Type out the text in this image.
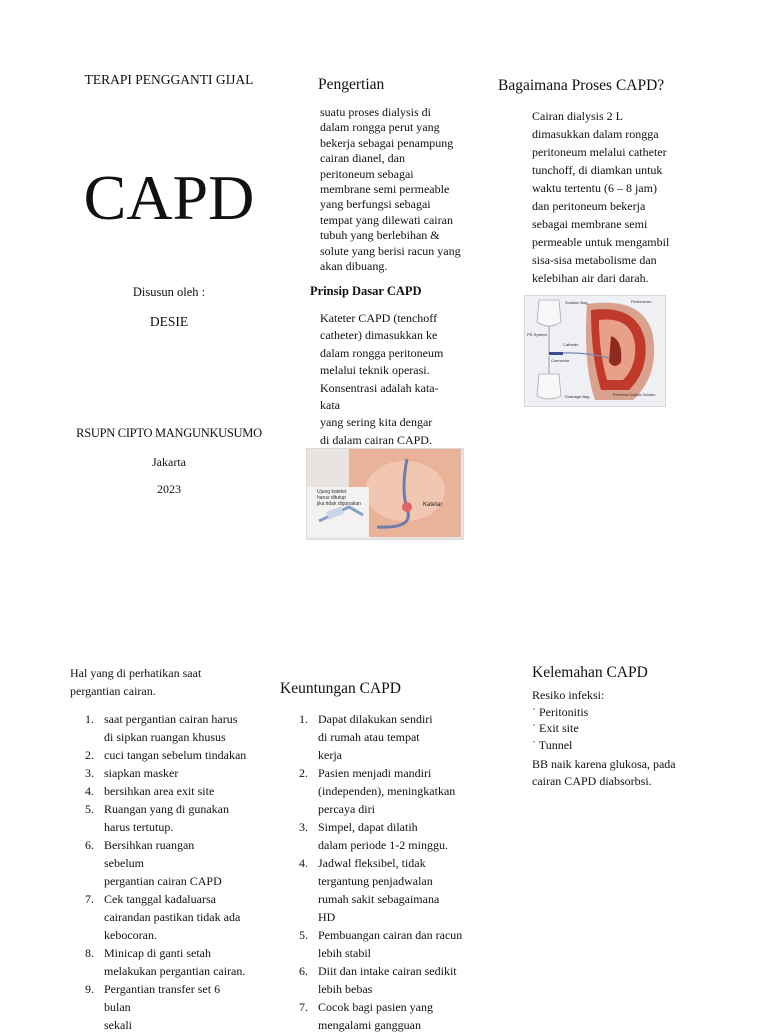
TERAPI PENGGANTI GIJAL
CAPD
Disusun oleh :
DESIE
RSUPN CIPTO MANGUNKUSUMO
Jakarta
2023
Pengertian
suatu proses dialysis di
dalam rongga perut yang
bekerja sebagai penampung
cairan dianel, dan
peritoneum sebagai
membrane semi permeable
yang berfungsi sebagai
tempat yang dilewati cairan
tubuh yang berlebihan &
solute yang berisi racun yang
akan dibuang.
Prinsip Dasar CAPD
Kateter CAPD (tenchoff
catheter) dimasukkan ke
dalam rongga peritoneum
melalui teknik operasi.
Konsentrasi adalah kata-
kata
yang sering kita dengar
di dalam cairan CAPD.
Ujung kateter
harus ditutup
jika tidak digunakan	Katetar
Bagaimana Proses CAPD?
Cairan dialysis 2 L
dimasukkan dalam rongga
peritoneum melalui catheter
tunchoff, di diamkan untuk
waktu tertentu (6 – 8 jam)
dan peritoneum bekerja
sebagai membrane semi
permeable untuk mengambil
sisa-sisa metabolisme dan
kelebihan air dari darah.
Solution Bag	Peritoneum
PD System
Catheter
Connector
Drainage Bag	Peritoneal Dialysis Solution
Hal yang di perhatikan saat
pergantian cairan.
1. saat pergantian cairan harus
di sipkan ruangan khusus
2. cuci tangan sebelum tindakan
3. siapkan masker
4. bersihkan area exit site
5. Ruangan yang di gunakan
harus tertutup.
6. Bersihkan ruangan
sebelum
pergantian cairan CAPD
7. Cek tanggal kadaluarsa
cairandan pastikan tidak ada
kebocoran.
8. Minicap di ganti setah
melakukan pergantian cairan.
9. Pergantian transfer set 6
bulan
sekali
Keuntungan CAPD
1. Dapat dilakukan sendiri
di rumah atau tempat
kerja
2. Pasien menjadi mandiri
(independen), meningkatkan
percaya diri
3. Simpel, dapat dilatih
dalam periode 1-2 minggu.
4. Jadwal fleksibel, tidak
tergantung penjadwalan
rumah sakit sebagaimana
HD
5. Pembuangan cairan dan racun
lebih stabil
6. Diit dan intake cairan sedikit
lebih bebas
7. Cocok bagi pasien yang
mengalami gangguan
Kelemahan CAPD
Resiko infeksi:
˙ Peritonitis
˙ Exit site
˙ Tunnel
BB naik karena glukosa, pada
cairan CAPD diabsorbsi.
